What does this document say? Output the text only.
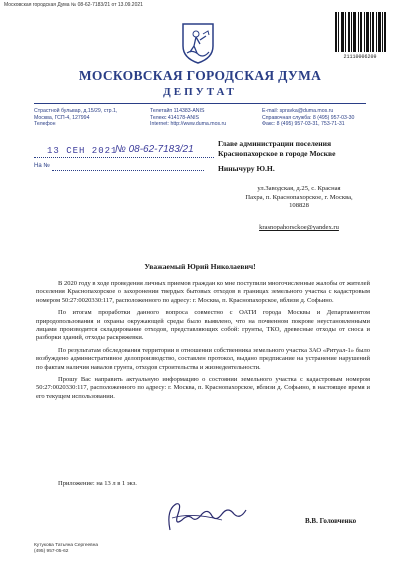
Московская городская Дума № 08-62-7183/21 от 13.09.2021
21110006209
МОСКОВСКАЯ ГОРОДСКАЯ ДУМА
ДЕПУТАТ
Страстной бульвар, д.15/29, стр.1,
Москва, ГСП-4, 127994
Телефон
Телетайп 114383-ANIS
Телекс 414178-ANIS
Internet: http://www.duma.mos.ru
E-mail: spravka@duma.mos.ru
Справочная служба: 8 (495) 957-03-30
Факс: 8 (495) 957-03-31, 753-71-31
13 СЕН 2021
№ 08-62-7183/21
На №
Главе администрации поселения
Краснопахорское в городе Москве
Нинычуру Ю.Н.
ул.Заводская, д.25, с. Красная
Пахра, п. Краснопахорское, г. Москва,
108828
krasnopahorsckoe@yandex.ru
Уважаемый Юрий Николаевич!

В 2020 году в ходе проведения личных приемов граждан ко мне поступили многочисленные жалобы от жителей поселения Краснопахорское о захоронении твердых бытовых отходов в границах земельного участка с кадастровым номером 50:27:0020330:117, расположенного по адресу: г. Москва, п. Краснопахорское, вблизи д. Софьино.

По итогам проработки данного вопроса совместно с ОАТИ города Москвы и Департаментом природопользования и охраны окружающей среды было выявлено, что на почвенном покрове неустановленными лицами производится складирование отходов, представляющих собой: грунты, ТКО, древесные отходы от сноса и разборки зданий, отходы раскряжевки.

По результатам обследования территории в отношении собственника земельного участка ЗАО «Ритуал-1» было возбуждено административное делопроизводство, составлен протокол, выдано предписание на устранение нарушений по фактам наличия навалов грунта, отходов строительства и жизнедеятельности.

Прошу Вас направить актуальную информацию о состоянии земельного участка с кадастровым номером 50:27:0020330:117, расположенного по адресу: г. Москва, п. Краснопахорское, вблизи д. Софьино, в настоящее время и его текущем использовании.

Приложение: на 13 л в 1 экз.
В.В. Головченко
Кутукова Татьяна Сергеевна
(495) 957-05-62
